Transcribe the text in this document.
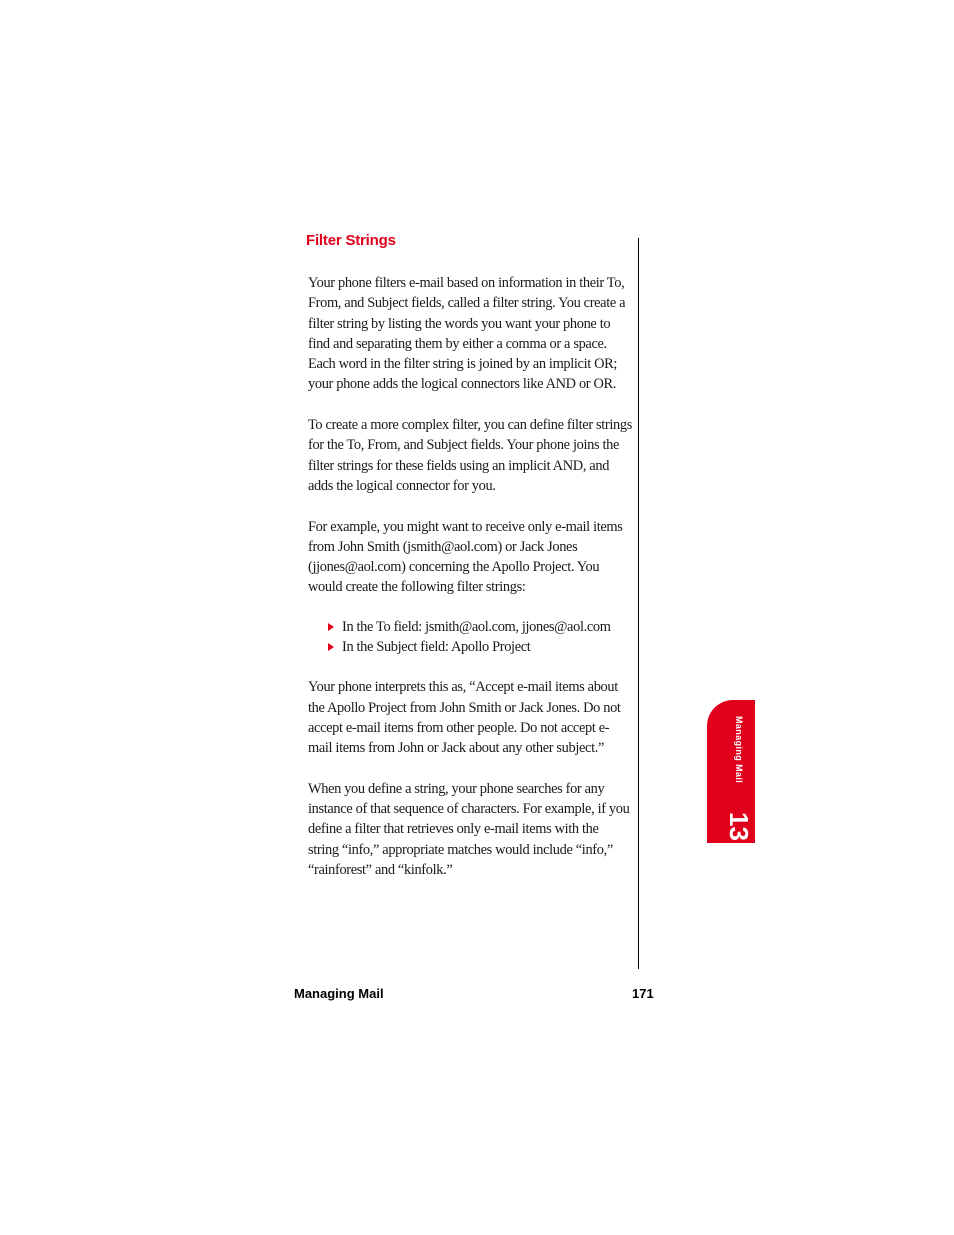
Filter Strings

Your phone filters e-mail based on information in their To, From, and Subject fields, called a filter string. You create a filter string by listing the words you want your phone to find and separating them by either a comma or a space. Each word in the filter string is joined by an implicit OR; your phone adds the logical connectors like AND or OR.

To create a more complex filter, you can define filter strings for the To, From, and Subject fields. Your phone joins the filter strings for these fields using an implicit AND, and adds the logical connector for you.

For example, you might want to receive only e-mail items from John Smith (jsmith@aol.com) or Jack Jones (jjones@aol.com) concerning the Apollo Project. You would create the following filter strings:

In the To field: jsmith@aol.com, jjones@aol.com
In the Subject field: Apollo Project

Your phone interprets this as, “Accept e-mail items about the Apollo Project from John Smith or Jack Jones. Do not accept e-mail items from other people. Do not accept e-mail items from John or Jack about any other subject.”

When you define a string, your phone searches for any instance of that sequence of characters. For example, if you define a filter that retrieves only e-mail items with the string “info,” appropriate matches would include “info,” “rainforest” and “kinfolk.”

Managing Mail
13
Managing Mail	171
